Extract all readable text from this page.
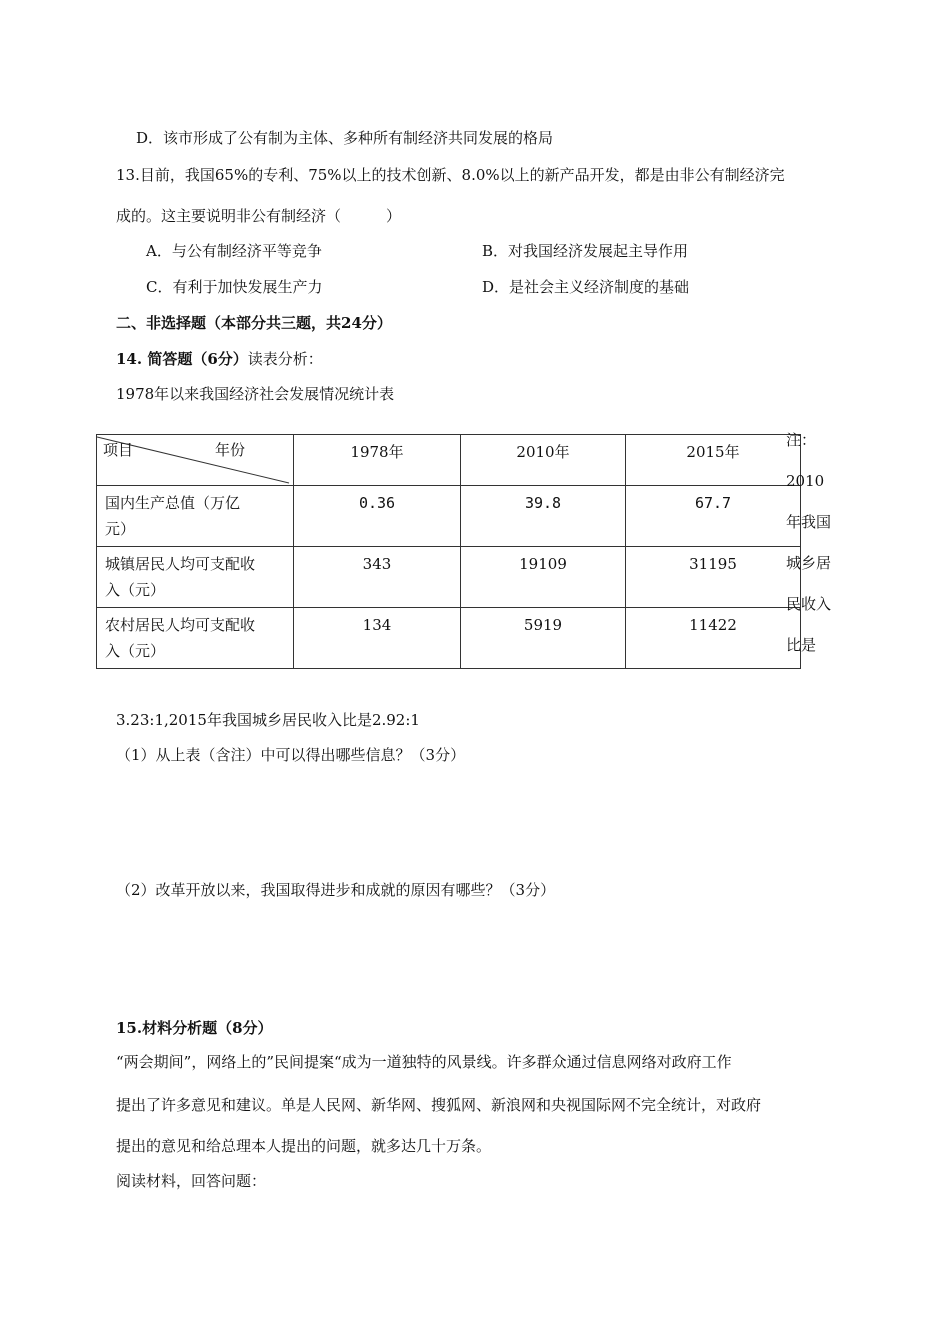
D．该市形成了公有制为主体、多种所有制经济共同发展的格局
13.目前，我国65%的专利、75%以上的技术创新、8.0%以上的新产品开发，都是由非公有制经济完
成的。这主要说明非公有制经济（　　　）
A．与公有制经济平等竞争	B．对我国经济发展起主导作用
C．有利于加快发展生产力	D．是社会主义经济制度的基础
二、非选择题（本部分共三题，共24分）
14. 简答题（6分）读表分析：
1978年以来我国经济社会发展情况统计表
项目 年份	1978年	2010年	2015年
国内生产总值（万亿
元）	0.36	39.8	67.7
城镇居民人均可支配收
入（元）	343	19109	31195
农村居民人均可支配收
入（元）	134	5919	11422
注：
2010
年我国
城乡居
民收入
比是
3.23:1,2015年我国城乡居民收入比是2.92:1
（1）从上表（含注）中可以得出哪些信息？（3分）
（2）改革开放以来，我国取得进步和成就的原因有哪些？（3分）
15.材料分析题（8分）
“两会期间”，网络上的”民间提案“成为一道独特的风景线。许多群众通过信息网络对政府工作
提出了许多意见和建议。单是人民网、新华网、搜狐网、新浪网和央视国际网不完全统计，对政府
提出的意见和给总理本人提出的问题，就多达几十万条。
阅读材料，回答问题：
